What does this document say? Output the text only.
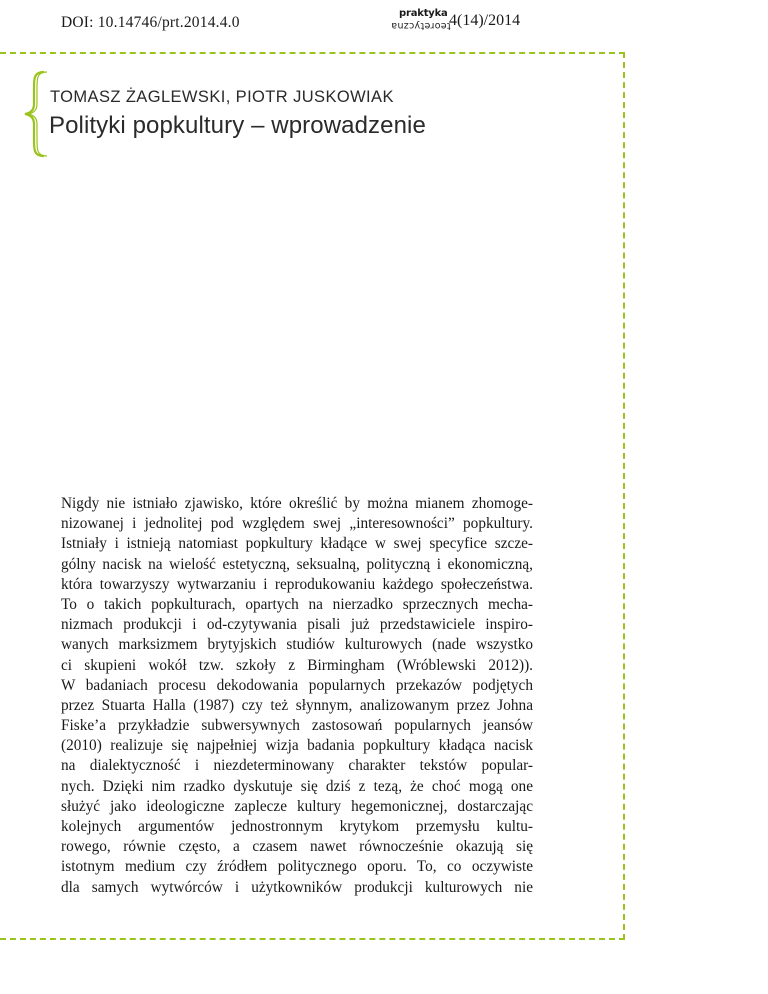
DOI: 10.14746/prt.2014.4.0
praktyka
teoretyczna
4(14)/2014
TOMASZ ŻAGLEWSKI, PIOTR JUSKOWIAK
Polityki popkultury – wprowadzenie
Nigdy nie istniało zjawisko, które określić by można mianem zhomoge-
nizowanej i jednolitej pod względem swej „interesowności” popkultury.
Istniały i istnieją natomiast popkultury kładące w swej specyfice szcze-
gólny nacisk na wielość estetyczną, seksualną, polityczną i ekonomiczną,
która towarzyszy wytwarzaniu i reprodukowaniu każdego społeczeństwa.
To o takich popkulturach, opartych na nierzadko sprzecznych mecha-
nizmach produkcji i od-czytywania pisali już przedstawiciele inspiro-
wanych marksizmem brytyjskich studiów kulturowych (nade wszystko
ci skupieni wokół tzw. szkoły z Birmingham (Wróblewski 2012)).
W badaniach procesu dekodowania popularnych przekazów podjętych
przez Stuarta Halla (1987) czy też słynnym, analizowanym przez Johna
Fiske’a przykładzie subwersywnych zastosowań popularnych jeansów
(2010) realizuje się najpełniej wizja badania popkultury kładąca nacisk
na dialektyczność i niezdeterminowany charakter tekstów popular-
nych. Dzięki nim rzadko dyskutuje się dziś z tezą, że choć mogą one
służyć jako ideologiczne zaplecze kultury hegemonicznej, dostarczając
kolejnych argumentów jednostronnym krytykom przemysłu kultu-
rowego, równie często, a czasem nawet równocześnie okazują się
istotnym medium czy źródłem politycznego oporu. To, co oczywiste
dla samych wytwórców i użytkowników produkcji kulturowych nie
